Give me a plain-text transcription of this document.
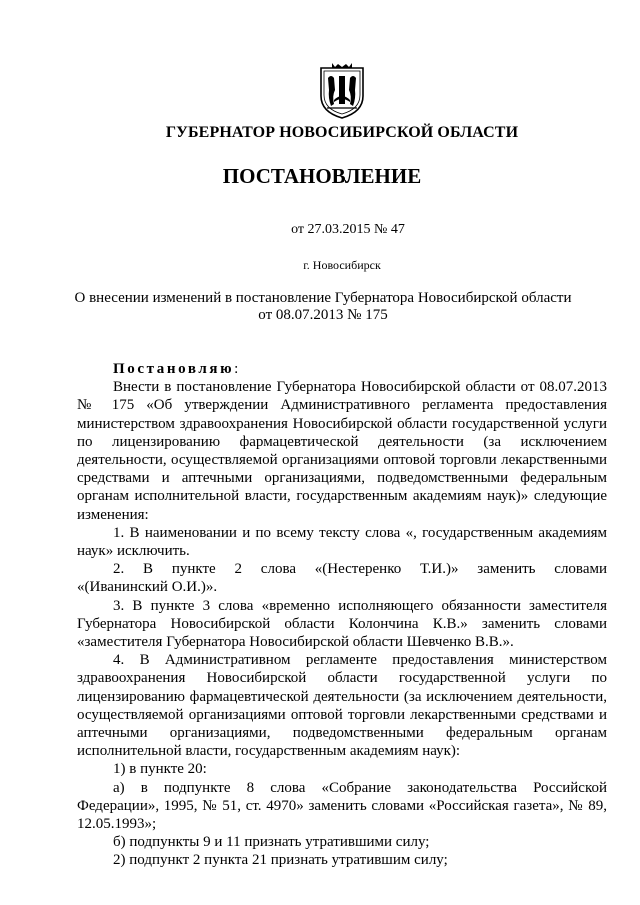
ГУБЕРНАТОР НОВОСИБИРСКОЙ ОБЛАСТИ
ПОСТАНОВЛЕНИЕ
от 27.03.2015 № 47
г. Новосибирск
О внесении изменений в постановление Губернатора Новосибирской области
от 08.07.2013 № 175

Постановляю:

Внести в постановление Губернатора Новосибирской области от 08.07.2013

№ 175 «Об утверждении Административного регламента предоставления

министерством здравоохранения Новосибирской области государственной услуги

по лицензированию фармацевтической деятельности (за исключением

деятельности, осуществляемой организациями оптовой торговли лекарственными

средствами и аптечными организациями, подведомственными федеральным

органам исполнительной власти, государственным академиям наук)» следующие

изменения:

1. В наименовании и по всему тексту слова «, государственным академиям

наук» исключить.

2. В пункте 2 слова «(Нестеренко Т.И.)» заменить словами

«(Иванинский О.И.)».

3. В пункте 3 слова «временно исполняющего обязанности заместителя

Губернатора Новосибирской области Колончина К.В.» заменить словами

«заместителя Губернатора Новосибирской области Шевченко В.В.».

4. В Административном регламенте предоставления министерством

здравоохранения Новосибирской области государственной услуги по

лицензированию фармацевтической деятельности (за исключением деятельности,

осуществляемой организациями оптовой торговли лекарственными средствами и

аптечными организациями, подведомственными федеральным органам

исполнительной власти, государственным академиям наук):

1) в пункте 20:

а) в подпункте 8 слова «Собрание законодательства Российской

Федерации», 1995, № 51, ст. 4970» заменить словами «Российская газета», № 89,

12.05.1993»;

б) подпункты 9 и 11 признать утратившими силу;

2) подпункт 2 пункта 21 признать утратившим силу;
